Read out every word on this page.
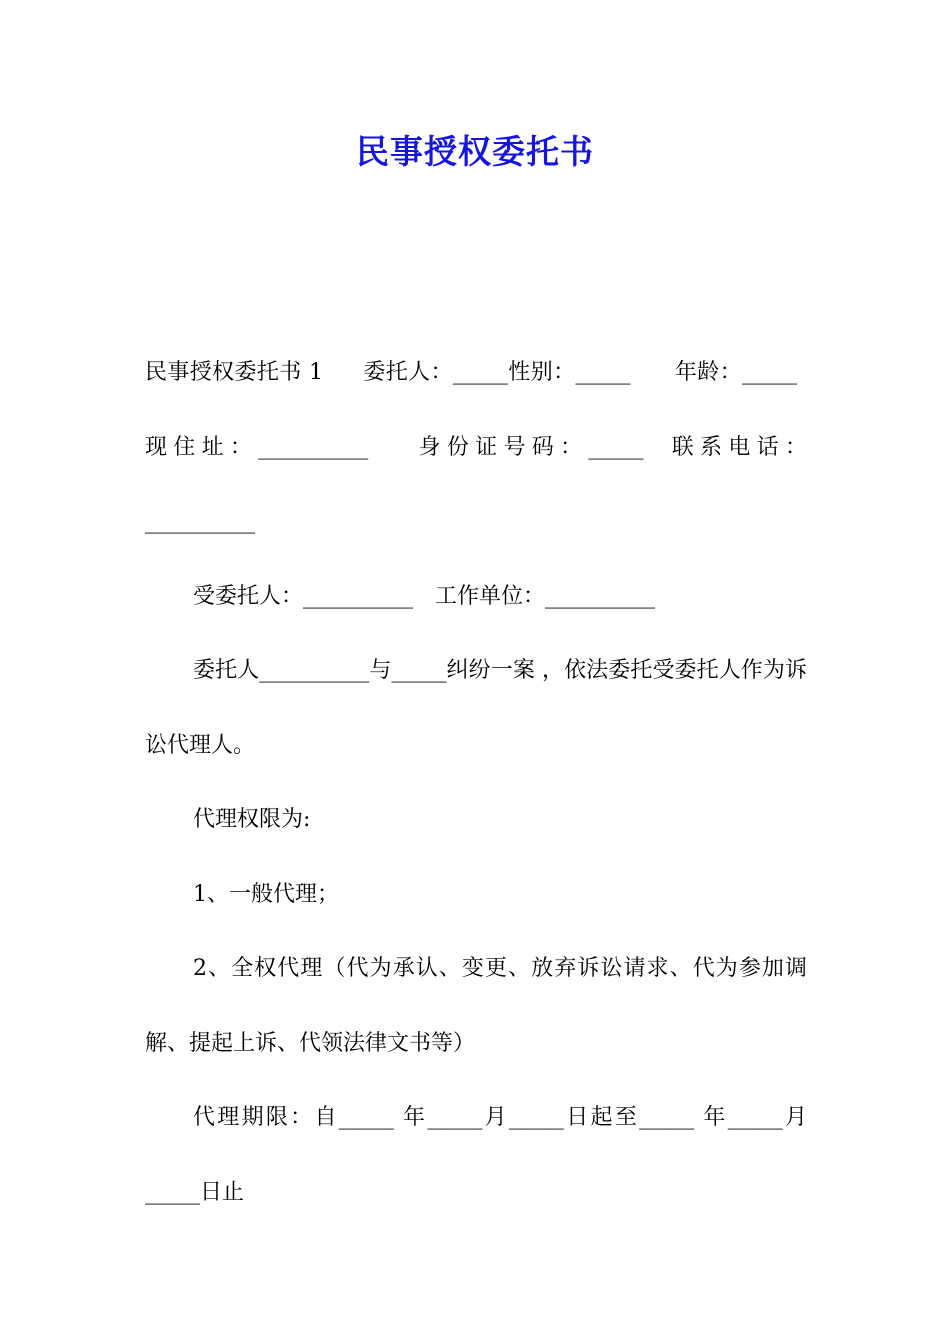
民事授权委托书

民事授权委托书 1 委托人：_____性别：_____ 年龄：_____现住址：__________ 身份证号码：_____ 联系电话：__________

受委托人：__________ 工作单位：__________

委托人__________与_____纠纷一案 ，依法委托受委托人作为诉讼代理人。

代理权限为:

1、一般代理；

2、全权代理（代为承认、变更、放弃诉讼请求、代为参加调解、提起上诉、代领法律文书等）

代理期限：自_____ 年_____月_____日起至_____ 年_____月_____日止
